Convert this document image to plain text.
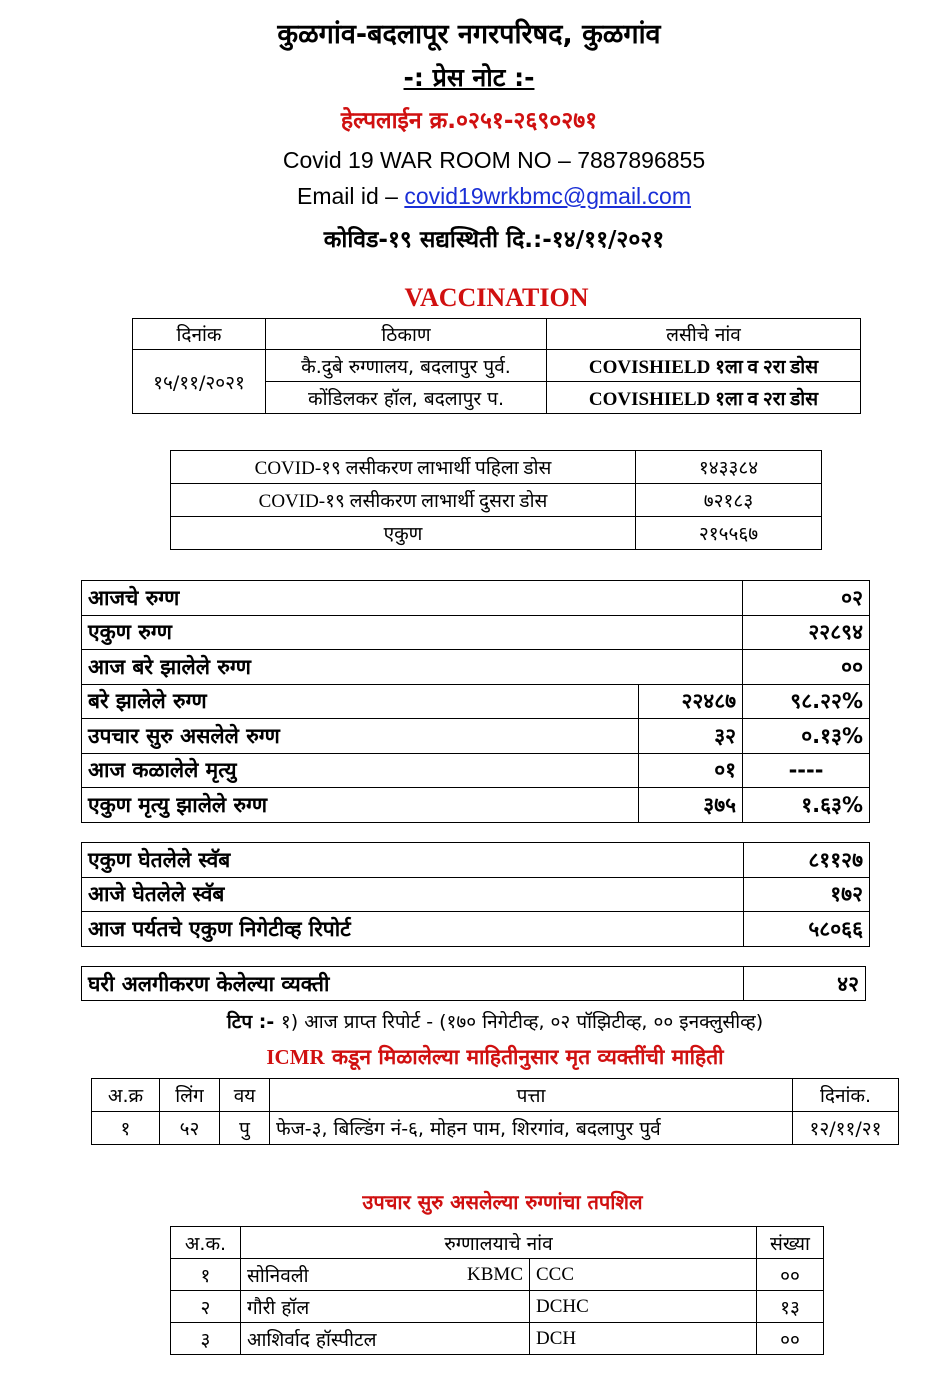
कुळगांव-बदलापूर नगरपरिषद, कुळगांव
-: प्रेस नोट :-
हेल्पलाईन क्र.०२५१-२६९०२७१
Covid 19 WAR ROOM NO – 7887896855
Email id – covid19wrkbmc@gmail.com
कोविड-१९ सद्यस्थिती दि.:-१४/११/२०२१
VACCINATION
दिनांक	ठिकाण	लसीचे नांव
१५/११/२०२१	कै.दुबे रुग्णालय, बदलापुर पुर्व.	COVISHIELD १ला व २रा डोस
	कोंडिलकर हॉल, बदलापुर प.	COVISHIELD १ला व २रा डोस
COVID-१९ लसीकरण लाभार्थी पहिला डोस	१४३३८४
COVID-१९ लसीकरण लाभार्थी दुसरा डोस	७२१८३
एकुण	२१५५६७
आजचे रुग्ण		०२
एकुण रुग्ण		२२८९४
आज बरे झालेले रुग्ण		००
बरे झालेले रुग्ण	२२४८७	९८.२२%
उपचार सुरु असलेले रुग्ण	३२	०.१३%
आज कळालेले मृत्यु	०१	----
एकुण मृत्यु झालेले रुग्ण	३७५	१.६३%
एकुण घेतलेले स्वॅब	८११२७
आजे घेतलेले स्वॅब	१७२
आज पर्यतचे एकुण निगेटीव्ह रिपोर्ट	५८०६६
घरी अलगीकरण केलेल्या व्यक्ती	४२
टिप :- १) आज प्राप्त रिपोर्ट - (१७० निगेटीव्ह, ०२ पॉझिटीव्ह, ०० इनक्लुसीव्ह)
ICMR कडून मिळालेल्या माहितीनुसार मृत व्यक्तींची माहिती
अ.क्र	लिंग	वय	पत्ता	दिनांक.
१	५२	पु	फेज-३, बिल्डिंग नं-६, मोहन पाम, शिरगांव, बदलापुर पुर्व	१२/११/२१
उपचार सुरु असलेल्या रुग्णांचा तपशिल
अ.क.	रुग्णालयाचे नांव			संख्या
१	सोनिवली	KBMC	CCC	००
२	गौरी हॉल		DCHC	१३
३	आशिर्वाद हॉस्पीटल		DCH	००
